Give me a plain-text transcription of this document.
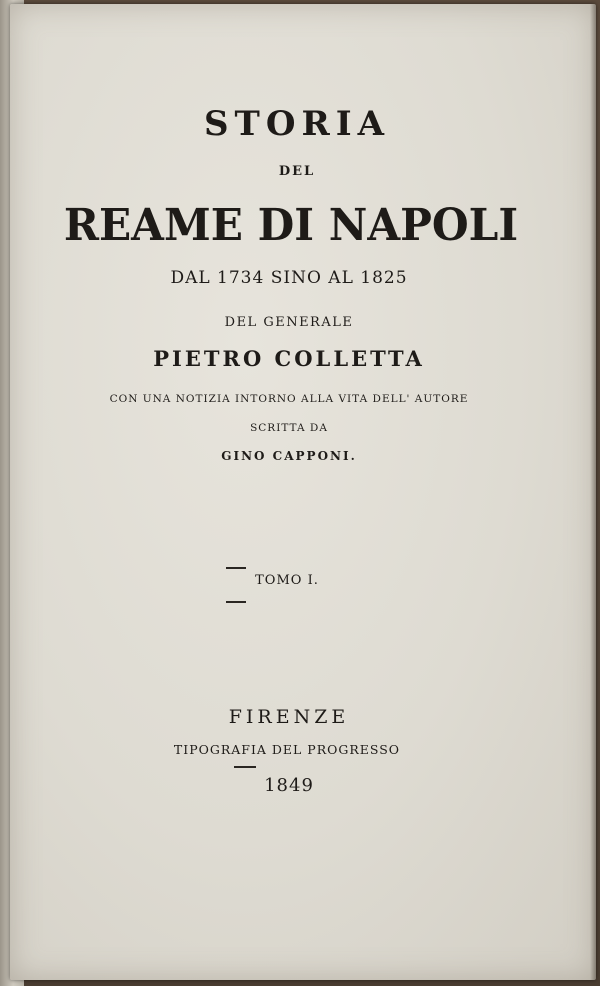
STORIA
DEL
REAME DI NAPOLI
DAL 1734 SINO AL 1825
DEL GENERALE
PIETRO COLLETTA
CON UNA NOTIZIA INTORNO ALLA VITA DELL' AUTORE
SCRITTA DA
GINO CAPPONI.
TOMO I.
FIRENZE
TIPOGRAFIA DEL PROGRESSO
1849
